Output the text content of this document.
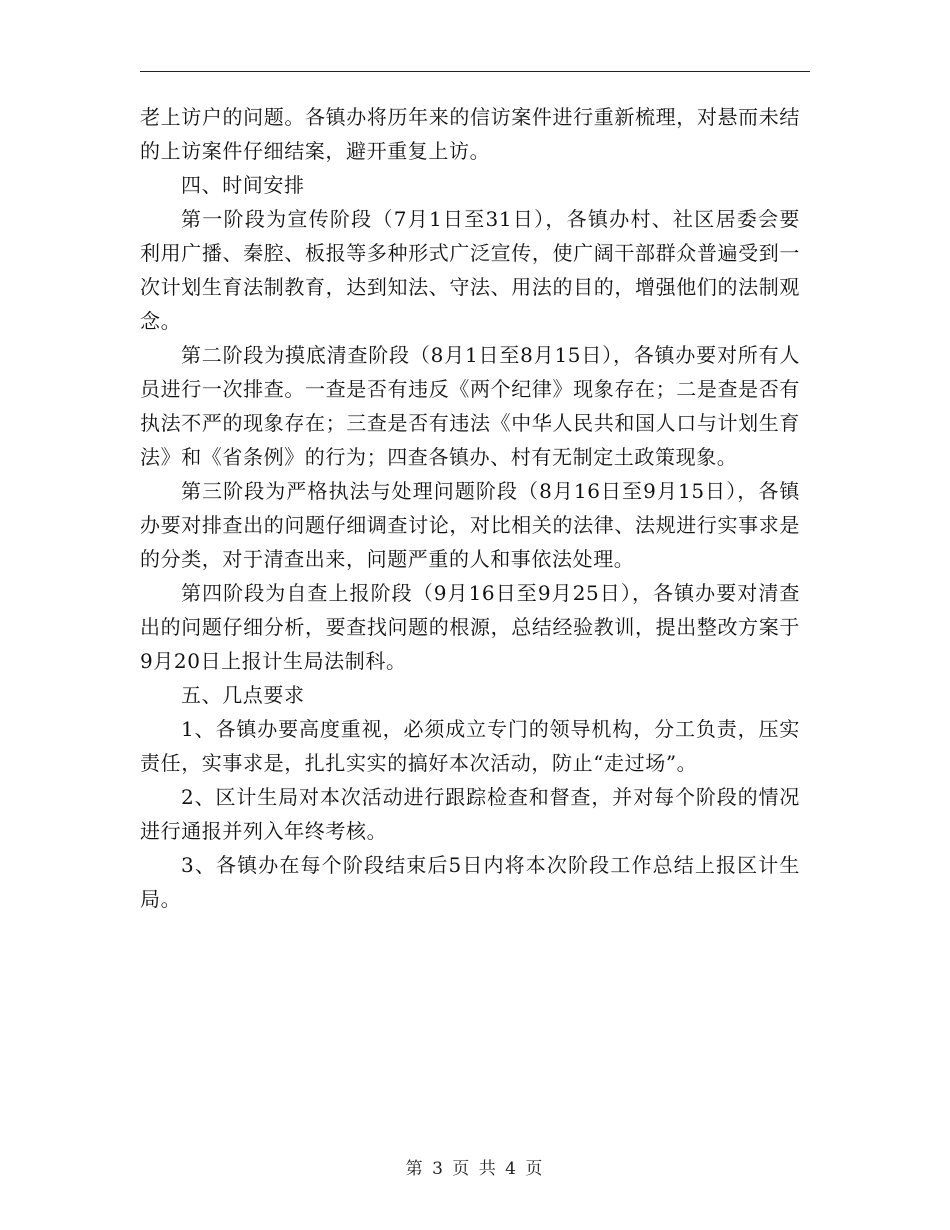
老上访户的问题。各镇办将历年来的信访案件进行重新梳理，对悬而未结的上访案件仔细结案，避开重复上访。

四、时间安排

第一阶段为宣传阶段（7月1日至31日），各镇办村、社区居委会要利用广播、秦腔、板报等多种形式广泛宣传，使广阔干部群众普遍受到一次计划生育法制教育，达到知法、守法、用法的目的，增强他们的法制观念。

第二阶段为摸底清查阶段（8月1日至8月15日），各镇办要对所有人员进行一次排查。一查是否有违反《两个纪律》现象存在；二是查是否有执法不严的现象存在；三查是否有违法《中华人民共和国人口与计划生育法》和《省条例》的行为；四查各镇办、村有无制定土政策现象。

第三阶段为严格执法与处理问题阶段（8月16日至9月15日），各镇办要对排查出的问题仔细调查讨论，对比相关的法律、法规进行实事求是的分类，对于清查出来，问题严重的人和事依法处理。

第四阶段为自查上报阶段（9月16日至9月25日），各镇办要对清查出的问题仔细分析，要查找问题的根源，总结经验教训，提出整改方案于9月20日上报计生局法制科。

五、几点要求

1、各镇办要高度重视，必须成立专门的领导机构，分工负责，压实责任，实事求是，扎扎实实的搞好本次活动，防止“走过场”。

2、区计生局对本次活动进行跟踪检查和督查，并对每个阶段的情况进行通报并列入年终考核。

3、各镇办在每个阶段结束后5日内将本次阶段工作总结上报区计生局。

第 3 页 共 4 页
